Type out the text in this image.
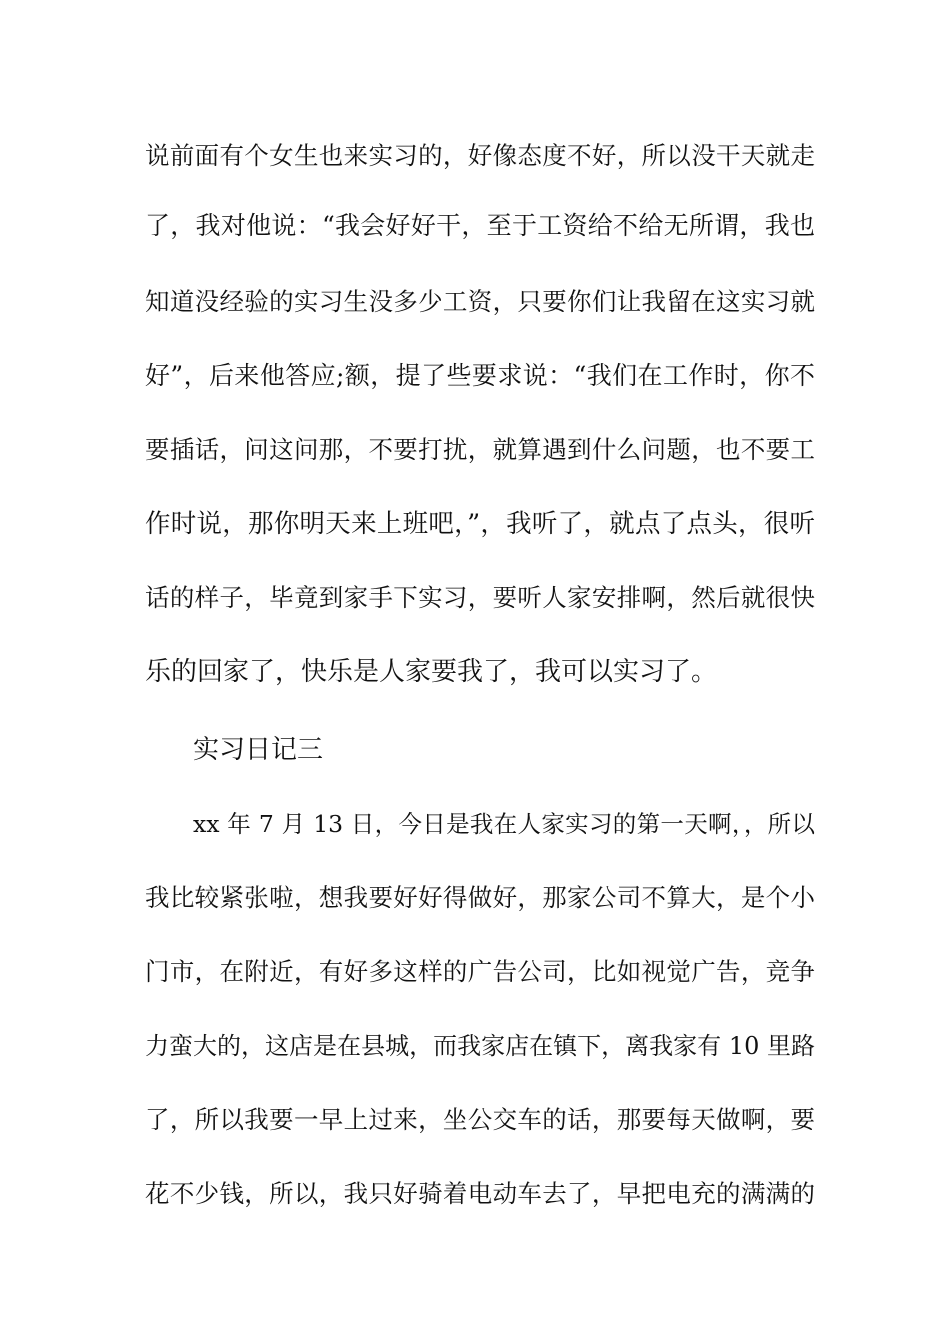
说前面有个女生也来实习的，好像态度不好，所以没干天就走

了，我对他说：“我会好好干，至于工资给不给无所谓，我也

知道没经验的实习生没多少工资，只要你们让我留在这实习就

好”，后来他答应;额，提了些要求说：“我们在工作时，你不

要插话，问这问那，不要打扰，就算遇到什么问题，也不要工

作时说，那你明天来上班吧，”，我听了，就点了点头，很听

话的样子，毕竟到家手下实习，要听人家安排啊，然后就很快

乐的回家了，快乐是人家要我了，我可以实习了。

实习日记三

xx 年 7 月 13 日，今日是我在人家实习的第一天啊，，所以

我比较紧张啦，想我要好好得做好，那家公司不算大，是个小

门市，在附近，有好多这样的广告公司，比如视觉广告，竞争

力蛮大的，这店是在县城，而我家店在镇下，离我家有 10 里路

了，所以我要一早上过来，坐公交车的话，那要每天做啊，要

花不少钱，所以，我只好骑着电动车去了，早把电充的满满的
